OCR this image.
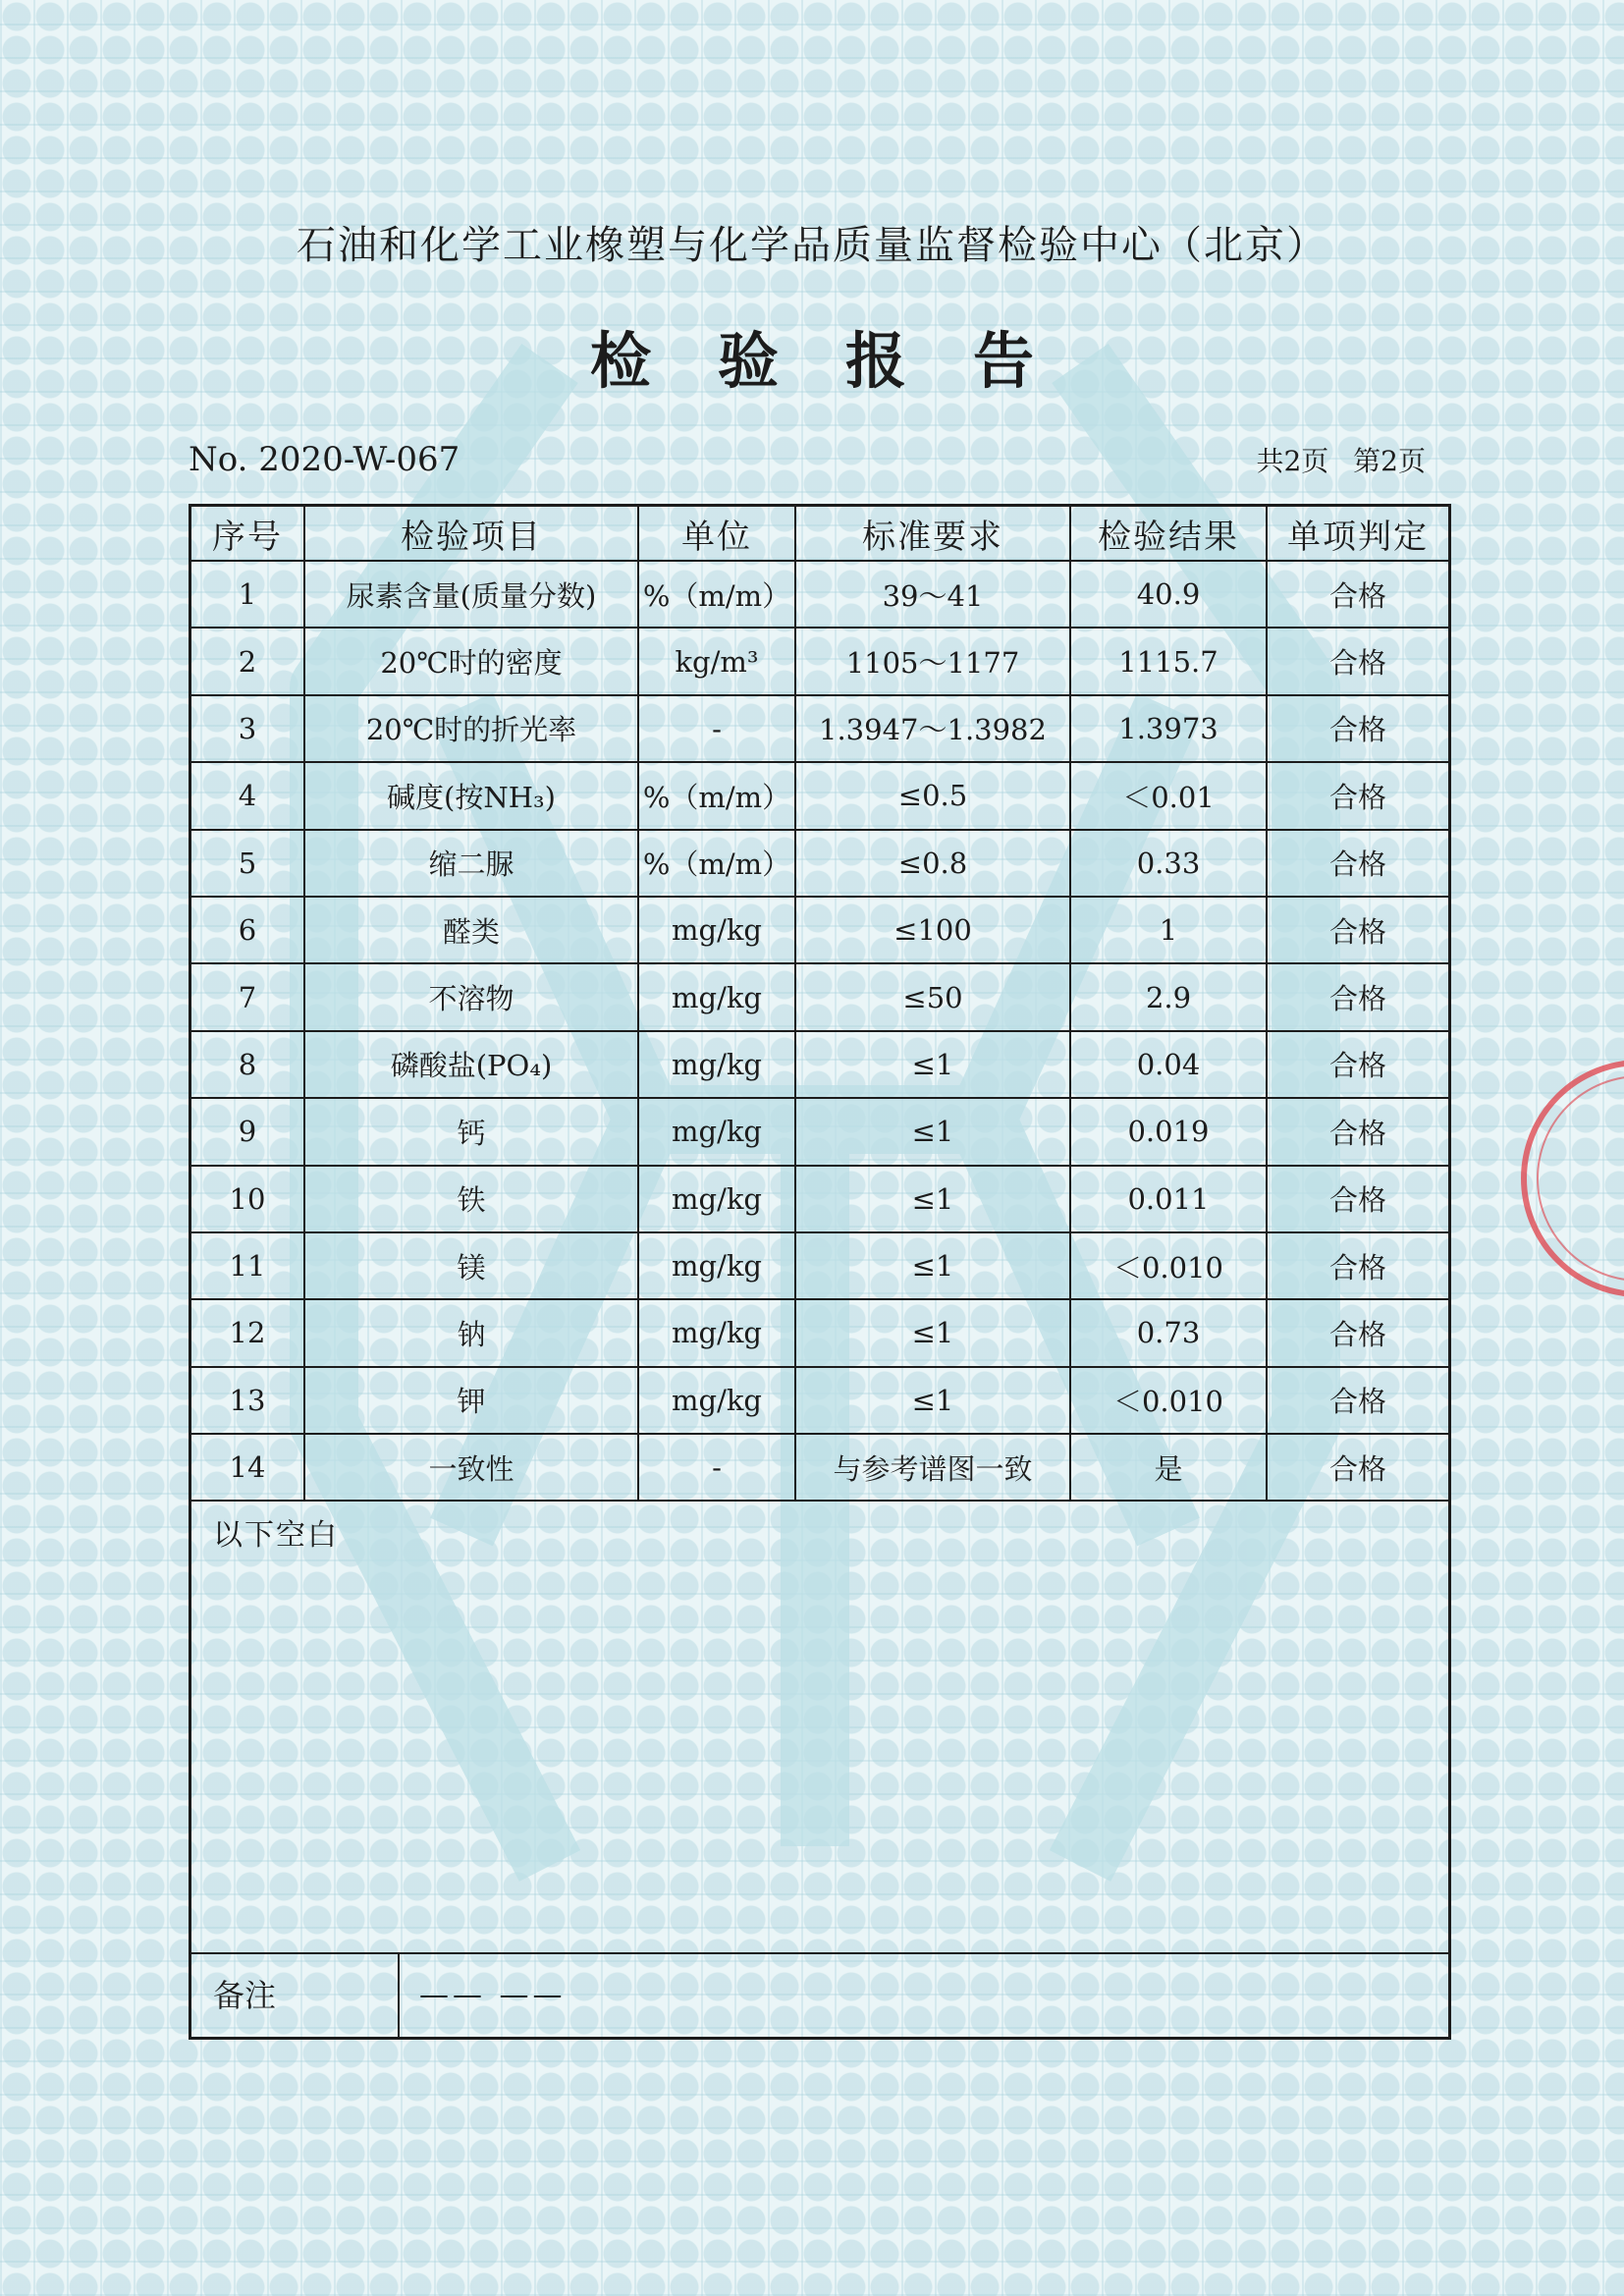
石油和化学工业橡塑与化学品质量监督检验中心（北京）
检验报告
No. 2020-W-067	共2页 第2页
序号	检验项目	单位	标准要求	检验结果	单项判定
1	尿素含量(质量分数)	%（m/m）	39～41	40.9	合格
2	20℃时的密度	kg/m³	1105～1177	1115.7	合格
3	20℃时的折光率	-	1.3947～1.3982	1.3973	合格
4	碱度(按NH₃)	%（m/m）	≤0.5	＜0.01	合格
5	缩二脲	%（m/m）	≤0.8	0.33	合格
6	醛类	mg/kg	≤100	1	合格
7	不溶物	mg/kg	≤50	2.9	合格
8	磷酸盐(PO₄)	mg/kg	≤1	0.04	合格
9	钙	mg/kg	≤1	0.019	合格
10	铁	mg/kg	≤1	0.011	合格
11	镁	mg/kg	≤1	＜0.010	合格
12	钠	mg/kg	≤1	0.73	合格
13	钾	mg/kg	≤1	＜0.010	合格
14	一致性	-	与参考谱图一致	是	合格
以下空白
备注	—— ——
